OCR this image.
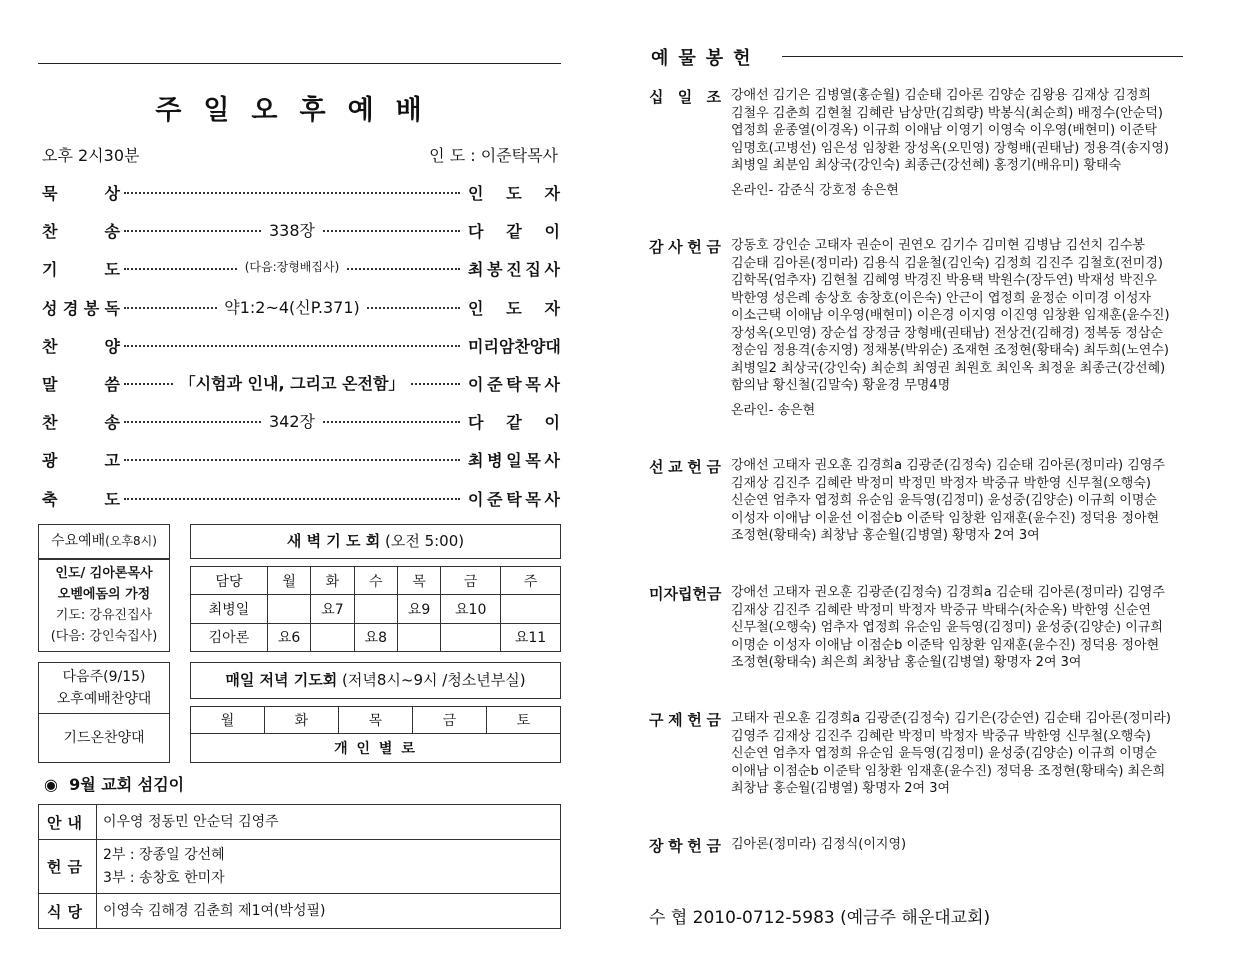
주일오후예배
오후 2시30분	인 도 : 이준탁목사
묵	상	인 도 자
찬	송	338장	다 같 이
기	도	(다음:장형배집사)	최 봉 진 집 사
성 경 봉 독	약1:2~4(신P.371)	인 도 자
찬	양	미 리 암 찬 양 대
말	씀	「시험과 인내, 그리고 온전함」	이 준 탁 목 사
찬	송	342장	다 같 이
광	고	최 병 일 목 사
축	도	이 준 탁 목 사
수요예배(오후8시)
인도/ 김아론목사
오벧에돔의 가정
기도: 강유진집사
(다음: 강인숙집사)
새 벽 기 도 회 (오전 5:00)
담당	월	화	수	목	금	주
최병일		요7		요9	요10	
김아론	요6		요8			요11
다음주(9/15)
오후예배찬양대
기드온찬양대
매일 저녁 기도회 (저녁8시~9시 /청소년부실)
월	화	목	금	토
개 인 별 로
◉ 9월 교회 섬김이
안내	이우영 정동민 안순덕 김영주

헌금	2부 : 장종일 강선혜
3부 : 송창호 한미자

식당	이영숙 김해경 김춘희 제1여(박성필)
예물봉헌
십 일 조 강애선 김기은 김병열(홍순월) 김순태 김아론 김양순 김왕용 김재상 김정희
김철우 김춘희 김현철 김혜란 남상만(김희량) 박봉식(최순희) 배정수(안순덕)
엽정희 윤종열(이경옥) 이규희 이애남 이영기 이영숙 이우영(배현미) 이준탁
임명호(고병선) 임은성 임창환 장성옥(오민영) 장형배(권태남) 정용격(송지영)
최병일 최분임 최상국(강인숙) 최종근(강선혜) 홍정기(배유미) 황태숙
온라인- 감준식 강호정 송은현
감 사 헌 금 강동호 강인순 고태자 권순이 권연오 김기수 김미현 김병남 김선치 김수봉
김순태 김아론(정미라) 김용식 김윤철(김인숙) 김정희 김진주 김철호(전미경)
김학목(엄추자) 김현철 김혜영 박경진 박용택 박원수(장두연) 박재성 박진우
박한영 성은례 송상호 송창호(이은숙) 안근이 엽정희 윤정순 이미경 이성자
이소근택 이애남 이우영(배현미) 이은경 이지영 이진영 임창환 임재훈(윤수진)
장성옥(오민영) 장순섭 장정금 장형배(권태남) 전상건(김해경) 정복동 정삼순
정순임 정용격(송지영) 정채봉(박위순) 조재현 조정현(황태숙) 최두희(노연수)
최병일2 최상국(강인숙) 최순희 최영권 최원호 최인옥 최정윤 최종근(강선혜)
함의남 황신철(김말숙) 황윤경 무명4명
온라인- 송은현
선 교 헌 금 강애선 고태자 권오훈 김경희a 김광준(김정숙) 김순태 김아론(정미라) 김영주
김재상 김진주 김혜란 박정미 박정민 박정자 박중규 박한영 신무철(오행숙)
신순연 엄추자 엽정희 유순임 윤득영(김정미) 윤성중(김양순) 이규희 이명순
이성자 이애남 이윤선 이점순b 이준탁 임창환 임재훈(윤수진) 정덕용 정아현
조정현(황태숙) 최창남 홍순월(김병열) 황명자 2여 3여
미 자 립 헌 금 강애선 고태자 권오훈 김광준(김정숙) 김경희a 김순태 김아론(정미라) 김영주
김재상 김진주 김혜란 박정미 박정자 박중규 박태수(차순옥) 박한영 신순연
신무철(오행숙) 엄추자 엽정희 유순임 윤득영(김정미) 윤성중(김양순) 이규희
이명순 이성자 이애남 이점순b 이준탁 임창환 임재훈(윤수진) 정덕용 정아현
조정현(황태숙) 최은희 최창남 홍순월(김병열) 황명자 2여 3여
구 제 헌 금 고태자 권오훈 김경희a 김광준(김정숙) 김기은(강순연) 김순태 김아론(정미라)
김영주 김재상 김진주 김혜란 박정미 박정자 박중규 박한영 신무철(오행숙)
신순연 엄추자 엽정희 유순임 윤득영(김정미) 윤성중(김양순) 이규희 이명순
이애남 이점순b 이준탁 임창환 임재훈(윤수진) 정덕용 조정현(황태숙) 최은희
최창남 홍순월(김병열) 황명자 2여 3여
장 학 헌 금 김아론(정미라) 김정식(이지영)
수 협 2010-0712-5983 (예금주 해운대교회)
